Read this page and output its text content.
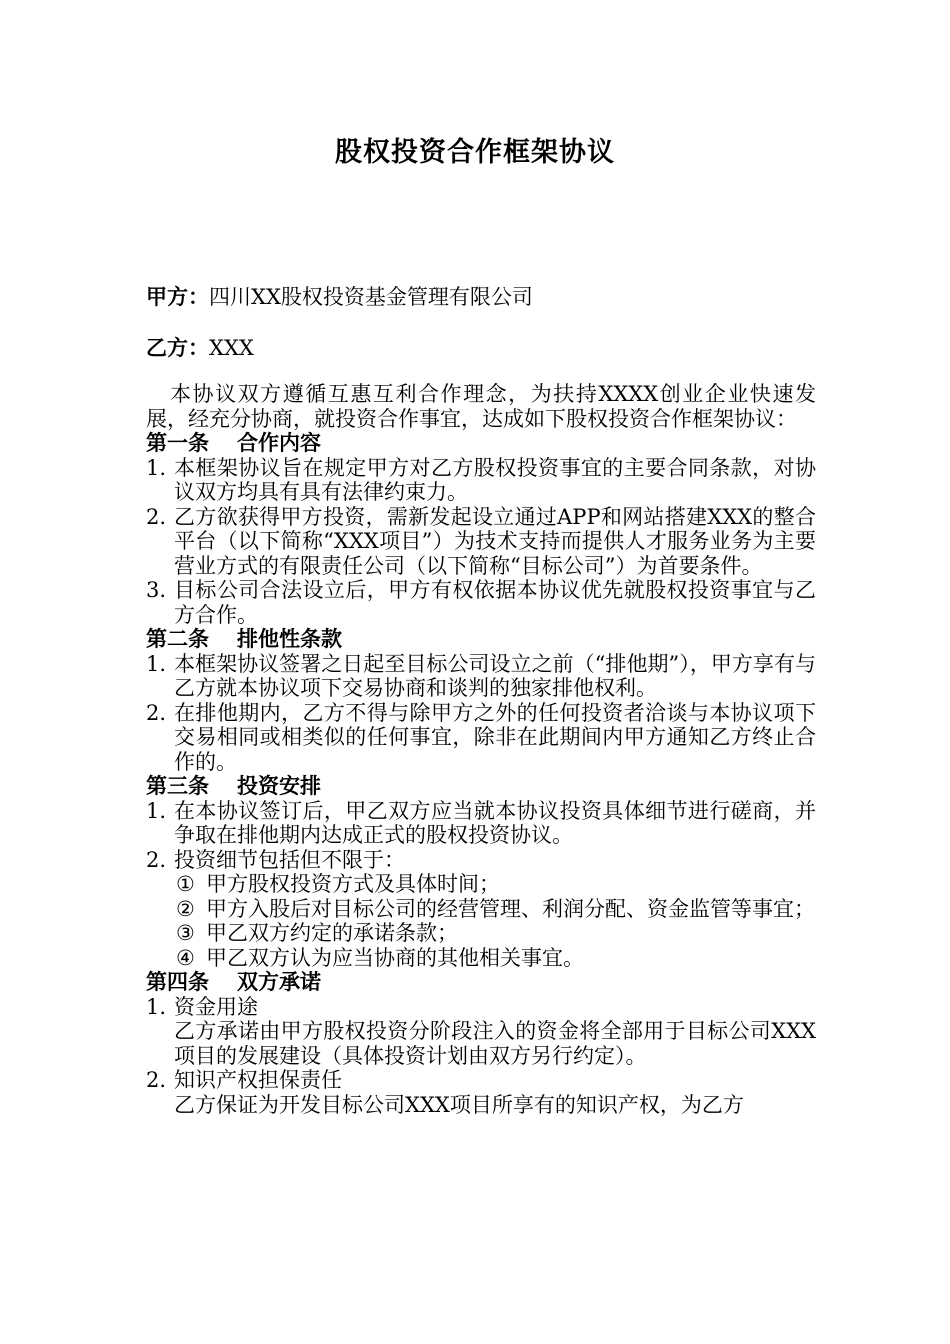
股权投资合作框架协议
甲方：四川XX股权投资基金管理有限公司
乙方：XXX

本协议双方遵循互惠互利合作理念，为扶持XXXX创业企业快速发展，经充分协商，就投资合作事宜，达成如下股权投资合作框架协议：

第一条 合作内容

1. 本框架协议旨在规定甲方对乙方股权投资事宜的主要合同条款，对协议双方均具有具有法律约束力。
2. 乙方欲获得甲方投资，需新发起设立通过APP和网站搭建XXX的整合平台（以下简称“XXX项目”）为技术支持而提供人才服务业务为主要营业方式的有限责任公司（以下简称“目标公司”）为首要条件。
3. 目标公司合法设立后，甲方有权依据本协议优先就股权投资事宜与乙方合作。

第二条 排他性条款

1. 本框架协议签署之日起至目标公司设立之前（“排他期”），甲方享有与乙方就本协议项下交易协商和谈判的独家排他权利。
2. 在排他期内，乙方不得与除甲方之外的任何投资者洽谈与本协议项下交易相同或相类似的任何事宜，除非在此期间内甲方通知乙方终止合作的。

第三条 投资安排

1. 在本协议签订后，甲乙双方应当就本协议投资具体细节进行磋商，并争取在排他期内达成正式的股权投资协议。
2. 投资细节包括但不限于：
① 甲方股权投资方式及具体时间；
② 甲方入股后对目标公司的经营管理、利润分配、资金监管等事宜；
③ 甲乙双方约定的承诺条款；
④ 甲乙双方认为应当协商的其他相关事宜。

第四条 双方承诺

1. 资金用途

乙方承诺由甲方股权投资分阶段注入的资金将全部用于目标公司XXX项目的发展建设（具体投资计划由双方另行约定）。

2. 知识产权担保责任

乙方保证为开发目标公司XXX项目所享有的知识产权，为乙方
